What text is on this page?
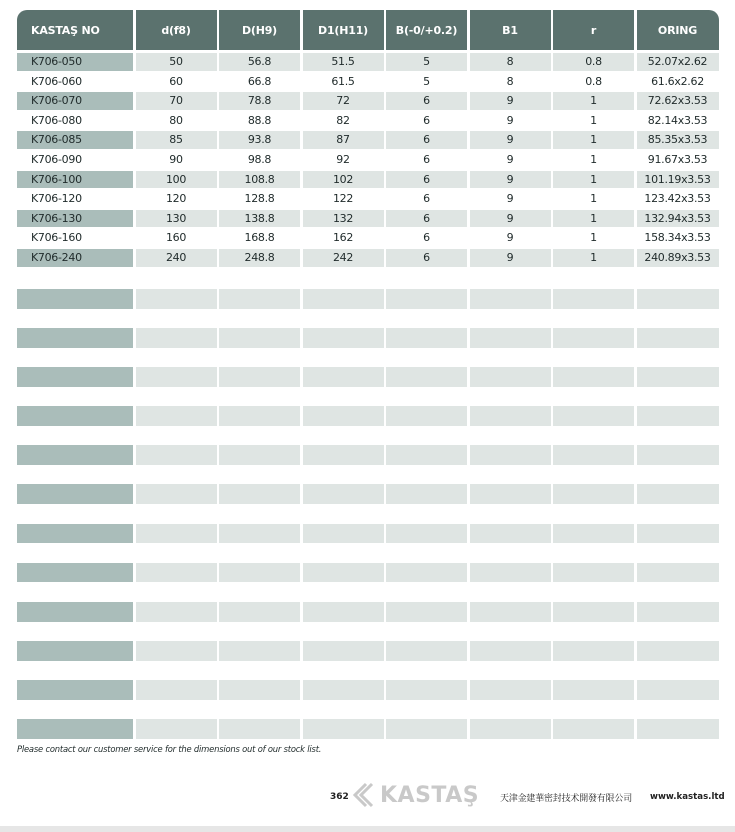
KASTAŞ NO	d(f8)	D(H9)	D1(H11)	B(-0/+0.2)	B1	r	ORING
K706-050	50	56.8	51.5	5	8	0.8	52.07x2.62
K706-060	60	66.8	61.5	5	8	0.8	61.6x2.62
K706-070	70	78.8	72	6	9	1	72.62x3.53
K706-080	80	88.8	82	6	9	1	82.14x3.53
K706-085	85	93.8	87	6	9	1	85.35x3.53
K706-090	90	98.8	92	6	9	1	91.67x3.53
K706-100	100	108.8	102	6	9	1	101.19x3.53
K706-120	120	128.8	122	6	9	1	123.42x3.53
K706-130	130	138.8	132	6	9	1	132.94x3.53
K706-160	160	168.8	162	6	9	1	158.34x3.53
K706-240	240	248.8	242	6	9	1	240.89x3.53
Please contact our customer service for the dimensions out of our stock list.
362 KASTAŞ 天津金建華密封技术開發有限公司 www.kastas.ltd
